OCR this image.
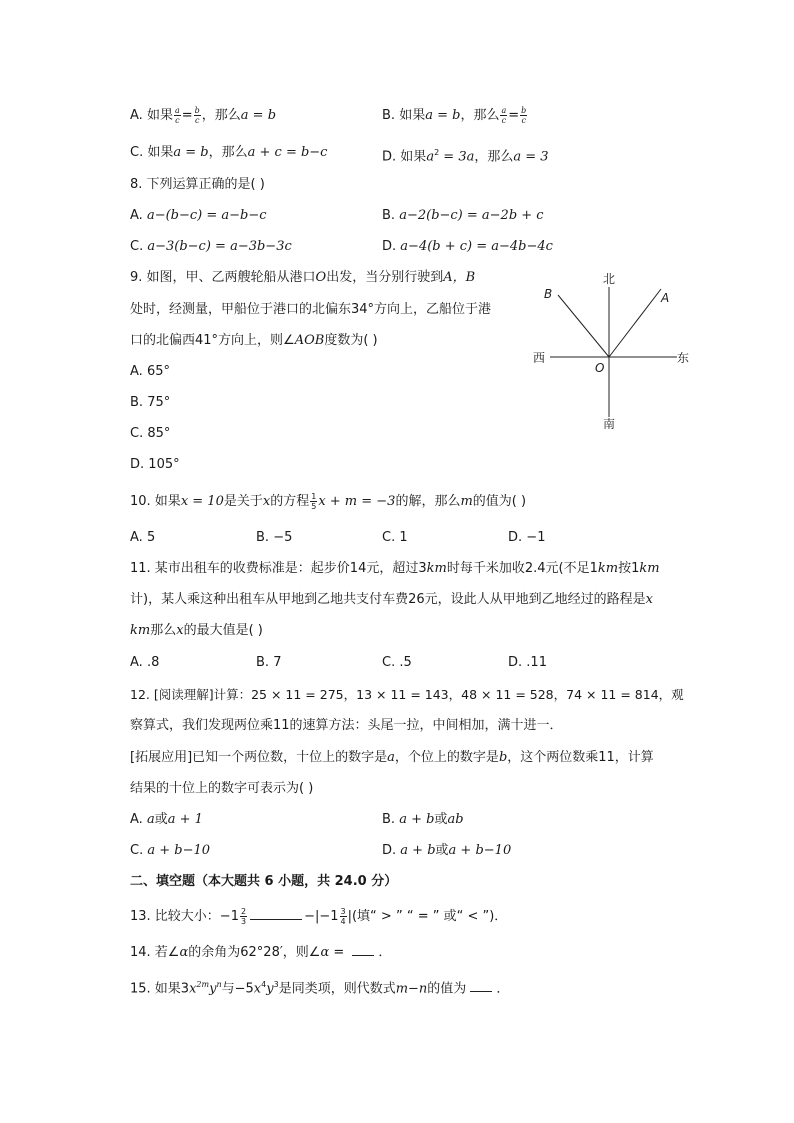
A. 如果 $\frac{a}{c} = \frac{b}{c}$ ，那么a = b	B. 如果a = b，那么 $\frac{a}{c} = \frac{b}{c}$
C. 如果a = b，那么a + c = b−c	D. 如果$a^2 = 3a$，那么a = 3
8. 下列运算正确的是( )
A. a−(b−c) = a−b−c	B. a−2(b−c) = a−2b + c
C. a−3(b−c) = a−3b−3c	D. a−4(b + c) = a−4b−4c
9. 如图，甲、乙两艘轮船从港口O出发，当分别行驶到A，B
处时，经测量，甲船位于港口的北偏东34°方向上，乙船位于港
口的北偏西41°方向上，则∠AOB度数为( )
A. 65°
B. 75°
C. 85°
D. 105°
北
南
西	东
A
B
O
10. 如果x = 10是关于x的方程 $\frac{1}{5}$ x + m = −3的解，那么m的值为( )
A. 5	B. −5	C. 1	D. −1
11. 某市出租车的收费标准是：起步价14元，超过3km时每千米加收2.4元(不足1km按1km
计)，某人乘这种出租车从甲地到乙地共支付车费26元，设此人从甲地到乙地经过的路程是x
km那么x的最大值是( )
A. .8	B. 7	C. .5	D. .11
12. [阅读理解]计算：25 × 11 = 275，13 × 11 = 143，48 × 11 = 528，74 × 11 = 814，观
察算式，我们发现两位乘11的速算方法：头尾一拉，中间相加，满十进一．
[拓展应用]已知一个两位数，十位上的数字是a，个位上的数字是b，这个两位数乘11，计算
结果的十位上的数字可表示为( )
A. a或a + 1	B. a + b或ab
C. a + b−10	D. a + b或a + b−10
二、填空题（本大题共 6 小题，共 24.0 分）
13. 比较大小：$-1 \frac{2}{3}$	$-|-1 \frac{3}{4}$ |(填“ > ” “ = ” 或“ < ”)．
14. 若∠α的余角为62°28′，则∠α = ．
15. 如果$3x^{2m}y^n$与$-5x^4y^3$是同类项，则代数式m−n的值为 ．
